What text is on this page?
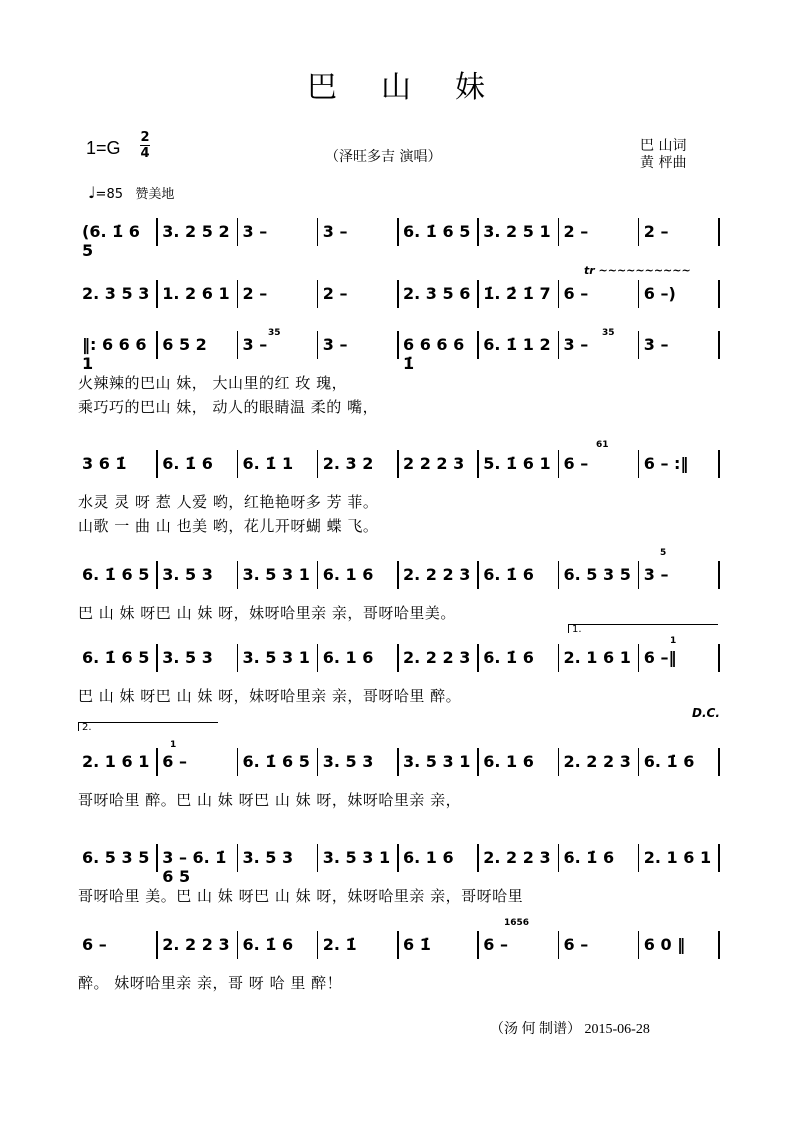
巴 山 妹
1=G
2
4	（泽旺多吉 演唱）
巴 山词
黄 枰曲
♩=85 赞美地
(6. 1̇ 6 5
3. 2 5 2 3 –	3 –	6. 1̇ 6 5 3. 2 5 1 2 –	2 –
2. 3 5 3 1. 2 6 1 2 –	2 –	2. 3 5 6 1̇. 2̇ 1̇ 7 6 –	6 –)
‖: 6 6 6 1
6 5 2	3 –	3 –	6 6 6 6 1̇
6. 1̇ 1 2 3 –	3 –
火辣辣的巴山 妹， 大山里的红 玫 瑰，
乘巧巧的巴山 妹， 动人的眼睛温 柔的 嘴，
3 6 1̇	6. 1̇ 6	6. 1̇ 1	2. 3 2	2 2 2 3	5. 1̇ 6 1 6 –	6 – :‖
水灵 灵 呀 惹 人爱 哟，红艳艳呀多 芳 菲。
山歌 一 曲 山 也美 哟，花儿开呀蝴 蝶 飞。
6. 1̇ 6 5 3. 5 3	3. 5 3 1 6. 1 6	2. 2 2 3 6. 1̇ 6	6. 5 3 5 3 –
巴 山 妹 呀巴 山 妹 呀，妹呀哈里亲 亲，哥呀哈里美。
6. 1̇ 6 5 3. 5 3	3. 5 3 1 6. 1 6	2. 2 2 3 6. 1̇ 6	2. 1 6 1 6 –‖
巴 山 妹 呀巴 山 妹 呀，妹呀哈里亲 亲，哥呀哈里 醉。
1.
D.C.
2. 1 6 1 6 –	6. 1̇ 6 5 3. 5 3	3. 5 3 1 6. 1 6	2. 2 2 3 6. 1̇ 6
哥呀哈里 醉。巴 山 妹 呀巴 山 妹 呀，妹呀哈里亲 亲，
2.
6. 5 3 5 3 – 6. 1̇ 6 5
3. 5 3	3. 5 3 1 6. 1 6	2. 2 2 3 6. 1̇ 6	2. 1 6 1
哥呀哈里 美。巴 山 妹 呀巴 山 妹 呀，妹呀哈里亲 亲，哥呀哈里
6 –	2. 2 2 3 6. 1̇ 6	2. 1̇	6 1̇	6 –	6 –	6 0 ‖
醉。 妹呀哈里亲 亲，哥 呀 哈 里 醉！
（汤 何 制谱） 2015-06-28
tr ~~~~~~~~~~
35	35
61
5
1
1
1656
